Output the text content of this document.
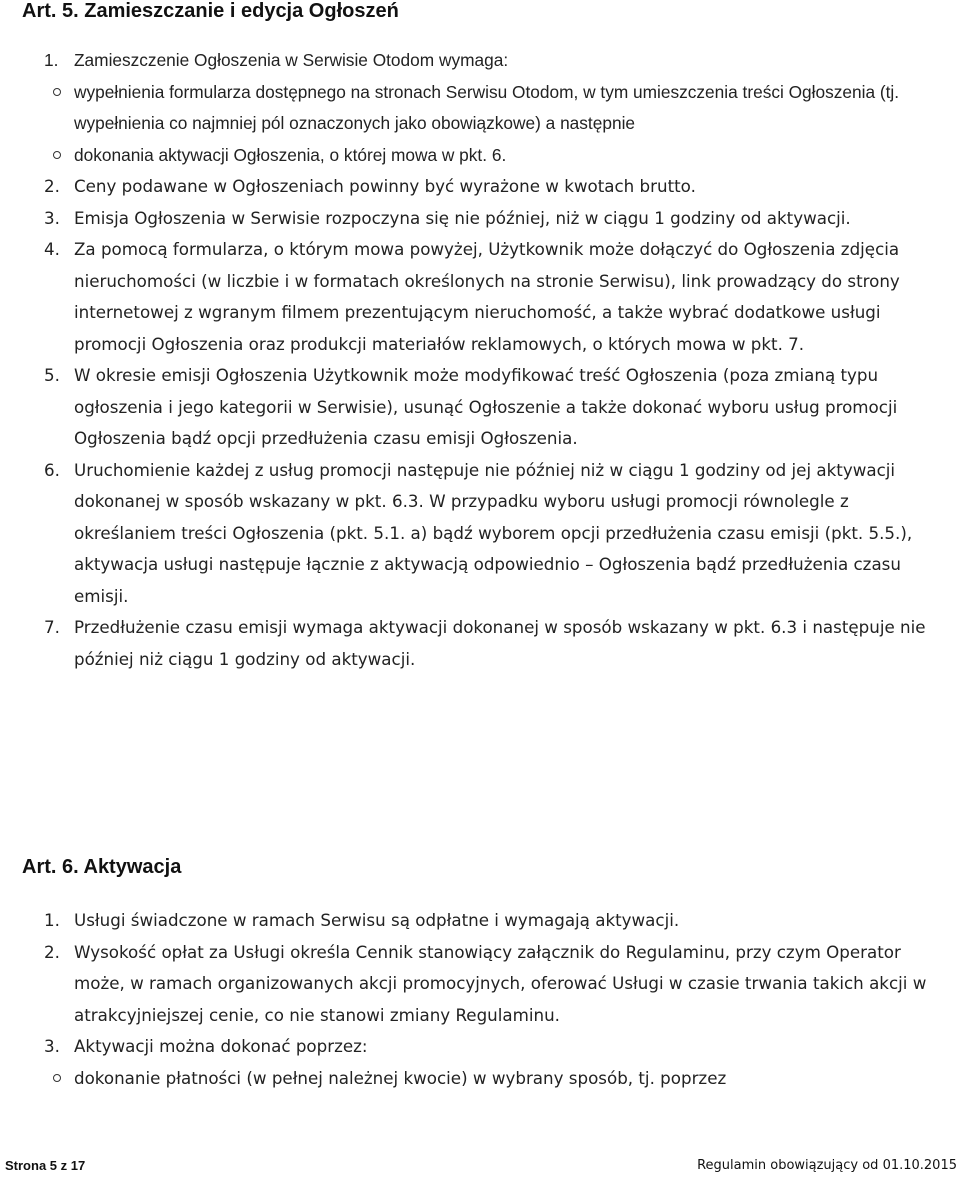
Art. 5. Zamieszczanie i edycja Ogłoszeń
1. Zamieszczenie Ogłoszenia w Serwisie Otodom wymaga:
wypełnienia formularza dostępnego na stronach Serwisu Otodom, w tym umieszczenia treści Ogłoszenia (tj. wypełnienia co najmniej pól oznaczonych jako obowiązkowe) a następnie
dokonania aktywacji Ogłoszenia, o której mowa w pkt. 6.
2. Ceny podawane w Ogłoszeniach powinny być wyrażone w kwotach brutto.
3. Emisja Ogłoszenia w Serwisie rozpoczyna się nie później, niż w ciągu 1 godziny od aktywacji.
4. Za pomocą formularza, o którym mowa powyżej, Użytkownik może dołączyć do Ogłoszenia zdjęcia nieruchomości (w liczbie i w formatach określonych na stronie Serwisu), link prowadzący do strony internetowej z wgranym filmem prezentującym nieruchomość, a także wybrać dodatkowe usługi promocji Ogłoszenia oraz produkcji materiałów reklamowych, o których mowa w pkt. 7.
5. W okresie emisji Ogłoszenia Użytkownik może modyfikować treść Ogłoszenia (poza zmianą typu ogłoszenia i jego kategorii w Serwisie), usunąć Ogłoszenie a także dokonać wyboru usług promocji Ogłoszenia bądź opcji przedłużenia czasu emisji Ogłoszenia.
6. Uruchomienie każdej z usług promocji następuje nie później niż w ciągu 1 godziny od jej aktywacji dokonanej w sposób wskazany w pkt. 6.3. W przypadku wyboru usługi promocji równolegle z określaniem treści Ogłoszenia (pkt. 5.1. a) bądź wyborem opcji przedłużenia czasu emisji (pkt. 5.5.), aktywacja usługi następuje łącznie z aktywacją odpowiednio – Ogłoszenia bądź przedłużenia czasu emisji.
7. Przedłużenie czasu emisji wymaga aktywacji dokonanej w sposób wskazany w pkt. 6.3 i następuje nie później niż ciągu 1 godziny od aktywacji.
Art. 6. Aktywacja
1. Usługi świadczone w ramach Serwisu są odpłatne i wymagają aktywacji.
2. Wysokość opłat za Usługi określa Cennik stanowiący załącznik do Regulaminu, przy czym Operator może, w ramach organizowanych akcji promocyjnych, oferować Usługi w czasie trwania takich akcji w atrakcyjniejszej cenie, co nie stanowi zmiany Regulaminu.
3. Aktywacji można dokonać poprzez:
dokonanie płatności (w pełnej należnej kwocie) w wybrany sposób, tj. poprzez

Strona 5 z 17	Regulamin obowiązujący od 01.10.2015
